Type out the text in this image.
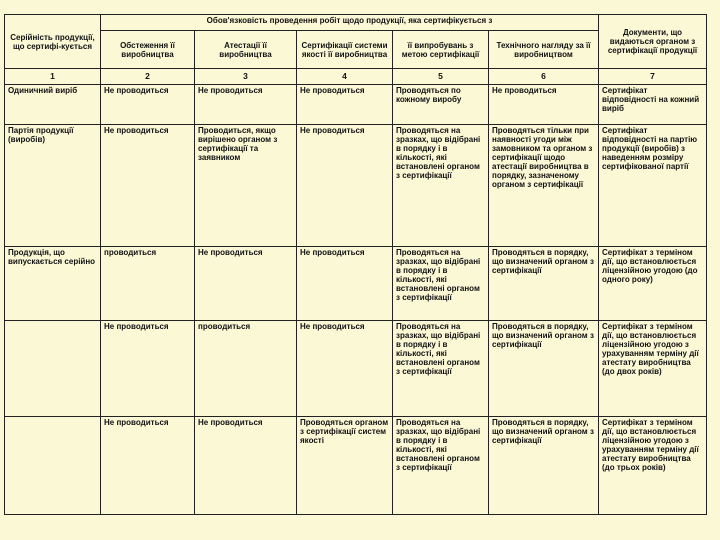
Серійність продукції, що сертифі-кується	Обов'язковість проведення робіт щодо продукції, яка сертифікується з					Документи, що видаються органом з сертифікації продукції
	Обстеження її виробництва	Атестації її виробництва	Сертифікації системи якості її виробництва	її випробувань з метою сертифікації	Технічного нагляду за її виробництвом	
1	2	3	4	5	6	7
Одиничний виріб	Не проводиться	Не проводиться	Не проводиться	Проводяться по кожному виробу	Не проводиться	Сертифікат відповідності на кожний виріб
Партія продукції (виробів)	Не проводиться	Проводиться, якщо вирішено органом з сертифікації та заявником	Не проводиться	Проводяться на зразках, що відібрані в порядку і в кількості, які встановлені органом з сертифікації	Проводяться тільки при наявності угоди між замовником та органом з сертифікації щодо атестації виробництва в порядку, зазначеному органом з сертифікації	Сертифікат відповідності на партію продукції (виробів) з наведенням розміру сертифікованої партії
Продукція, що випускається серійно	проводиться	Не проводиться	Не проводиться	Проводяться на зразках, що відібрані в порядку і в кількості, які встановлені органом з сертифікації	Проводяться в порядку, що визначений органом з сертифікації	Сертифікат з терміном дії, що встановлюється ліцензійною угодою (до одного року)
	Не проводиться	проводиться	Не проводиться	Проводяться на зразках, що відібрані в порядку і в кількості, які встановлені органом з сертифікації	Проводяться в порядку, що визначений органом з сертифікації	Сертифікат з терміном дії, що встановлюється ліцензійною угодою з урахуванням терміну дії атестату виробництва (до двох років)
	Не проводиться	Не проводиться	Проводяться органом з сертифікації систем якості	Проводяться на зразках, що відібрані в порядку і в кількості, які встановлені органом з сертифікації	Проводяться в порядку, що визначений органом з сертифікації	Сертифікат з терміном дії, що встановлюється ліцензійною угодою з урахуванням терміну дії атестату виробництва (до трьох років)
